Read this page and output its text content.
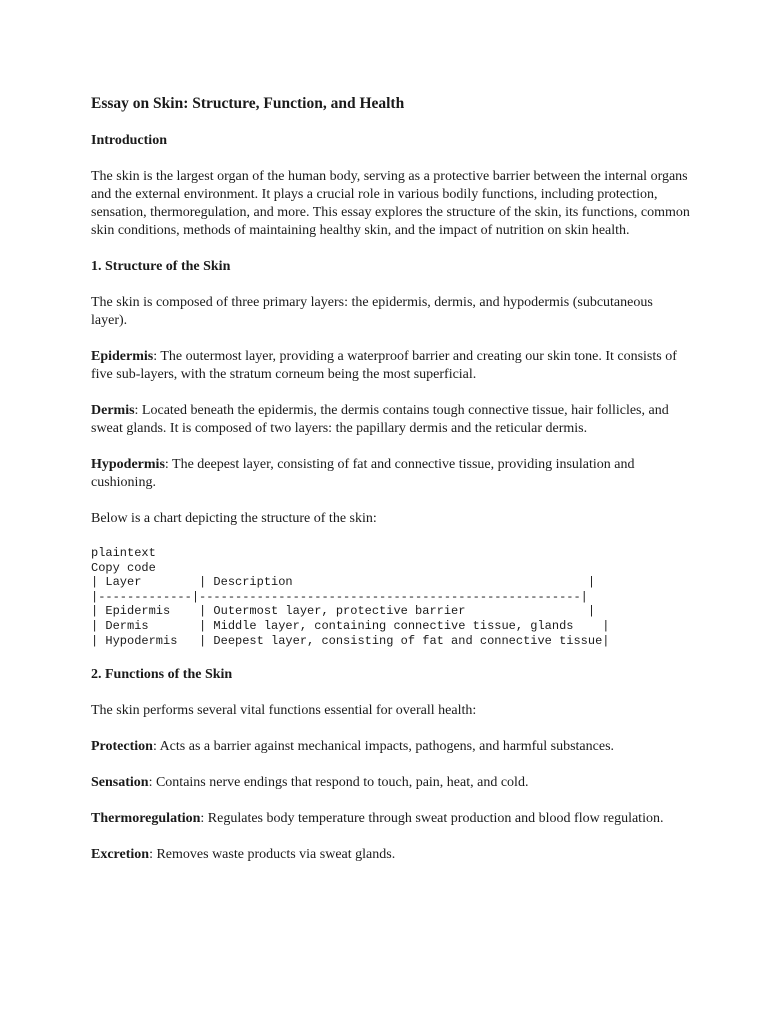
Essay on Skin: Structure, Function, and Health
Introduction

The skin is the largest organ of the human body, serving as a protective barrier between the internal organs and the external environment. It plays a crucial role in various bodily functions, including protection, sensation, thermoregulation, and more. This essay explores the structure of the skin, its functions, common skin conditions, methods of maintaining healthy skin, and the impact of nutrition on skin health.

1. Structure of the Skin

The skin is composed of three primary layers: the epidermis, dermis, and hypodermis (subcutaneous layer).

Epidermis: The outermost layer, providing a waterproof barrier and creating our skin tone. It consists of five sub-layers, with the stratum corneum being the most superficial.

Dermis: Located beneath the epidermis, the dermis contains tough connective tissue, hair follicles, and sweat glands. It is composed of two layers: the papillary dermis and the reticular dermis.

Hypodermis: The deepest layer, consisting of fat and connective tissue, providing insulation and cushioning.

Below is a chart depicting the structure of the skin:

plaintext
Copy code
| Layer        | Description                                         |
|-------------|-----------------------------------------------------|
| Epidermis    | Outermost layer, protective barrier                 |
| Dermis       | Middle layer, containing connective tissue, glands    |
| Hypodermis   | Deepest layer, consisting of fat and connective tissue|
2. Functions of the Skin

The skin performs several vital functions essential for overall health:

Protection: Acts as a barrier against mechanical impacts, pathogens, and harmful substances.

Sensation: Contains nerve endings that respond to touch, pain, heat, and cold.

Thermoregulation: Regulates body temperature through sweat production and blood flow regulation.

Excretion: Removes waste products via sweat glands.
